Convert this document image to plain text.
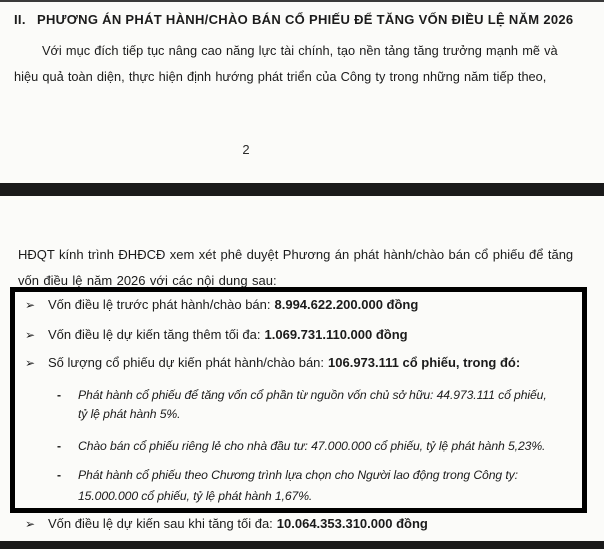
II. PHƯƠNG ÁN PHÁT HÀNH/CHÀO BÁN CỔ PHIẾU ĐỂ TĂNG VỐN ĐIỀU LỆ NĂM 2026
Với mục đích tiếp tục nâng cao năng lực tài chính, tạo nền tảng tăng trưởng mạnh mẽ và
hiệu quả toàn diện, thực hiện định hướng phát triển của Công ty trong những năm tiếp theo,
2
HĐQT kính trình ĐHĐCĐ xem xét phê duyệt Phương án phát hành/chào bán cổ phiếu để tăng
vốn điều lệ năm 2026 với các nội dung sau:
➢ Vốn điều lệ trước phát hành/chào bán: 8.994.622.200.000 đồng
➢ Vốn điều lệ dự kiến tăng thêm tối đa: 1.069.731.110.000 đồng
➢ Số lượng cổ phiếu dự kiến phát hành/chào bán: 106.973.111 cổ phiếu, trong đó:
- Phát hành cổ phiếu để tăng vốn cổ phần từ nguồn vốn chủ sở hữu: 44.973.111 cổ phiếu,
tỷ lệ phát hành 5%.
- Chào bán cổ phiếu riêng lẻ cho nhà đầu tư: 47.000.000 cổ phiếu, tỷ lệ phát hành 5,23%.
- Phát hành cổ phiếu theo Chương trình lựa chọn cho Người lao động trong Công ty:
15.000.000 cổ phiếu, tỷ lệ phát hành 1,67%.
➢ Vốn điều lệ dự kiến sau khi tăng tối đa: 10.064.353.310.000 đồng
